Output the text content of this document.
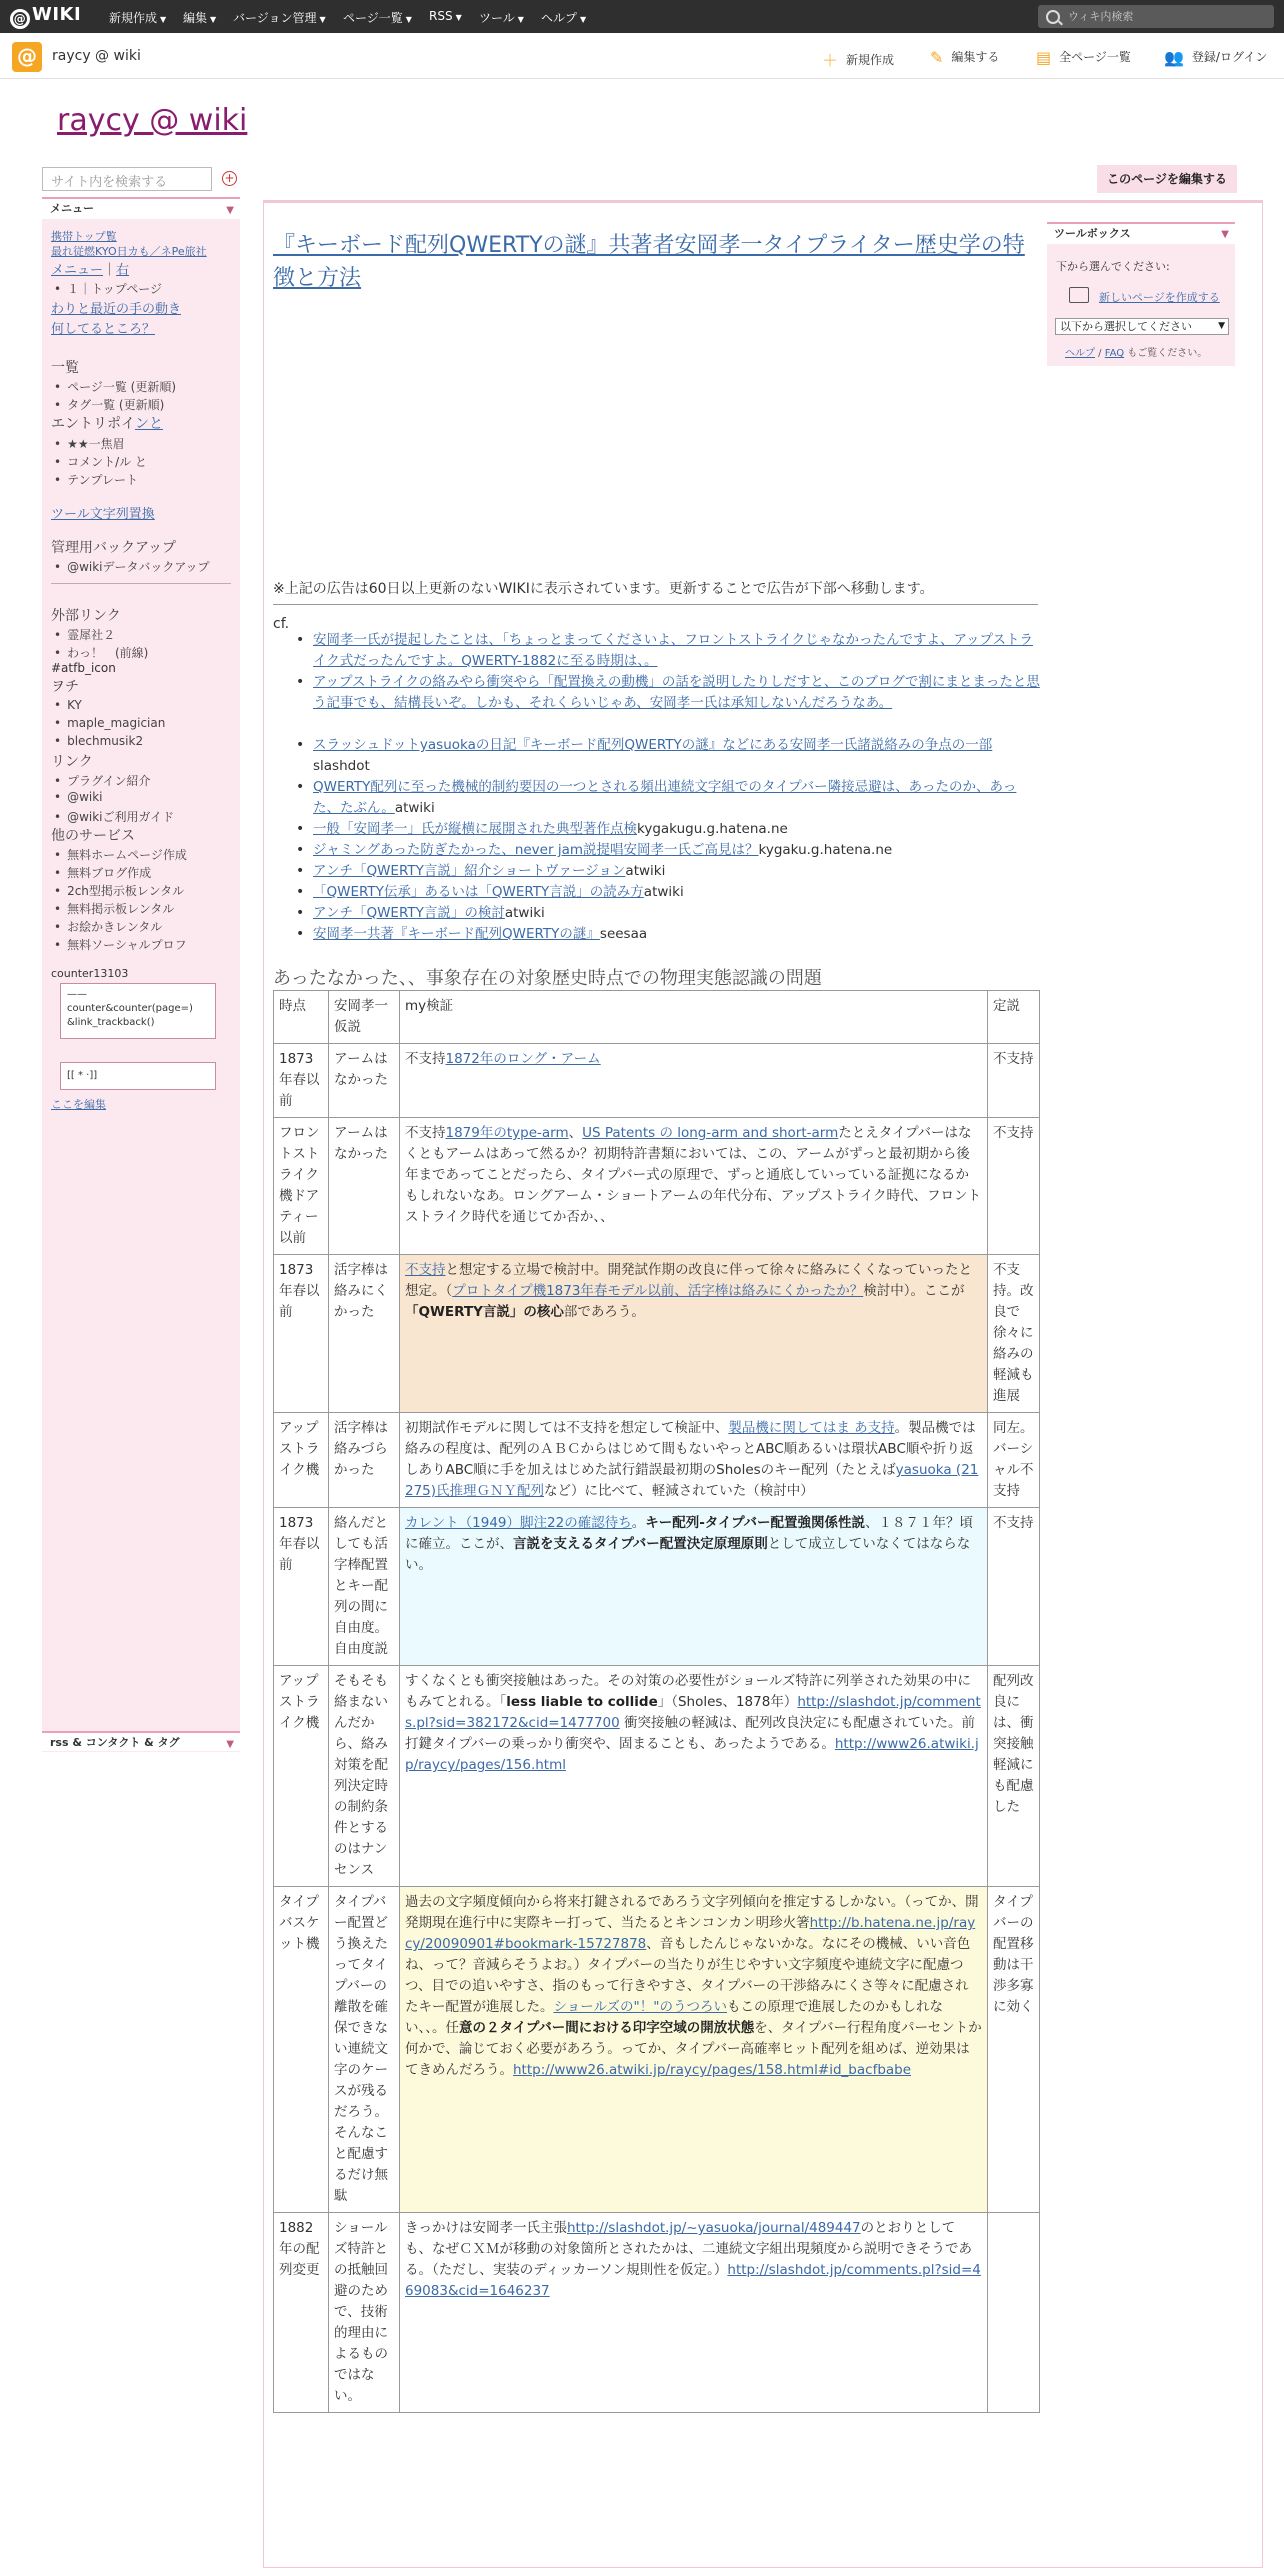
@ WIKI 新規作成 ▼ 編集 ▼ バージョン管理 ▼ ページ一覧 ▼ RSS ▼ ツール ▼ ヘルプ ▼	ウィキ内検索
@	raycy @ wiki	＋ 新規作成 ✎ 編集する ▤ 全ページ一覧 👥 登録/ログイン
raycy @ wiki
サイト内を検索する	+
メニュー	▼
携帯トップ覧
最れ従燃KYO日カも／ネPe旅社
メニュー｜右
• １｜トップページ
わりと最近の手の動き
何してるところ？
一覧
• ページ一覧 (更新順)
• タグ一覧 (更新順)
エントリポインと
• ★★一焦眉
• コメント/ル と
• テンプレート
ツール文字列置換
管理用バックアップ
• @wikiデータバックアップ
外部リンク
• 霊犀社２
• わっ！　(前線)
#atfb_icon
ヲチ
• KY
• maple_magician
• blechmusik2
リンク
• プラグイン紹介
• @wiki
• @wikiご利用ガイド
他のサービス
• 無料ホームページ作成
• 無料ブログ作成
• 2ch型掲示板レンタル
• 無料掲示板レンタル
• お絵かきレンタル
• 無料ソーシャルプロフ
counter13103
——
counter&counter(page=)
&link_trackback()
[[ * ·]]
ここを編集
rss & コンタクト & タグ	▼
このページを編集する
『キーボード配列QWERTYの謎』共著者安岡孝一タイプライター歴史学の特徴と方法
ツールボックス	▼
下から選んでください:
新しいページを作成する
以下から選択してください	▼
ヘルプ / FAQ もご覧ください。
※上記の広告は60日以上更新のないWIKIに表示されています。更新することで広告が下部へ移動します。
cf.
• 安岡孝一氏が提起したことは、「ちょっとまってくださいよ、フロントストライクじゃなかったんですよ、アップストライク式だったんですよ。QWERTY-1882に至る時期は、。
• アップストライクの絡みやら衝突やら「配置換えの動機」の話を説明したりしだすと、このブログで割にまとまったと思う記事でも、結構長いぞ。しかも、それくらいじゃあ、安岡孝一氏は承知しないんだろうなあ。
• スラッシュドットyasuokaの日記『キーボード配列QWERTYの謎』などにある安岡孝一氏諸説絡みの争点の一部slashdot
• QWERTY配列に至った機械的制約要因の一つとされる頻出連続文字組でのタイプバー隣接忌避は、あったのか、あった、たぶん。atwiki
• 一般「安岡孝一」氏が縦横に展開された典型著作点検kygakugu.g.hatena.ne
• ジャミングあった防ぎたかった、never jam説提唱安岡孝一氏ご高見は？kygaku.g.hatena.ne
• アンチ「QWERTY言説」紹介ショートヴァージョンatwiki
• 「QWERTY伝承」あるいは「QWERTY言説」の読み方atwiki
• アンチ「QWERTY言説」の検討atwiki
• 安岡孝一共著『キーボード配列QWERTYの謎』seesaa
あったなかった、、事象存在の対象歴史時点での物理実態認識の問題
時点	安岡孝一仮説	my検証	定説
1873年春以前	アームはなかった	不支持1872年のロング・アーム	不支持
フロントストライク機ドアティー以前	アームはなかった	不支持1879年のtype-arm、US Patents の long-arm and short-armたとえタイプバーはなくともアームはあって然るか？初期特許書類においては、この、アームがずっと最初期から後年まであってことだったら、タイプバー式の原理で、ずっと通底していっている証拠になるかもしれないなあ。ロングアーム・ショートアームの年代分布、アップストライク時代、フロントストライク時代を通じてか否か、、	不支持
1873年春以前	活字棒は絡みにくかった	不支持と想定する立場で検討中。開発試作期の改良に伴って徐々に絡みにくくなっていったと想定。（プロトタイプ機1873年春モデル以前、活字棒は絡みにくかったか？検討中）。ここが「QWERTY言説」の核心部であろう。	不支持。改良で徐々に絡みの軽減も進展
アップストライク機	活字棒は絡みづらかった	初期試作モデルに関しては不支持を想定して検証中、製品機に関してはま あ支持。製品機では絡みの程度は、配列のＡＢＣからはじめて間もないやっとABC順あるいは環状ABC順や折り返しありABC順に手を加えはじめた試行錯誤最初期のSholesのキー配列（たとえばyasuoka (21275)氏推理ＧＮＹ配列など）に比べて、軽減されていた（検討中）	同左。バーシャル不支持
1873年春以前	絡んだとしても活字棒配置とキー配列の間に自由度。自由度説	カレント（1949）脚注22の確認待ち。キー配列-タイプバー配置強関係性説、１８７１年？頃に確立。ここが、言説を支えるタイプバー配置決定原理原則として成立していなくてはならない。	不支持
アップストライク機	そもそも絡まないんだから、絡み対策を配列決定時の制約条件とするのはナンセンス	すくなくとも衝突接触はあった。その対策の必要性がショールズ特許に列挙された効果の中にもみてとれる。「less liable to collide」（Sholes、1878年）http://slashdot.jp/comments.pl?sid=382172&cid=1477700 衝突接触の軽減は、配列改良決定にも配慮されていた。前打鍵タイプバーの乗っかり衝突や、固まることも、あったようである。http://www26.atwiki.jp/raycy/pages/156.html	配列改良には、衝突接触軽減にも配慮した
タイプバスケット機	タイプバー配置ど う換えたってタイプバーの離散を確保できない連続文字のケースが残るだろう。そんなこと配慮するだけ無駄	過去の文字頻度傾向から将来打鍵されるであろう文字列傾向を推定するしかない。（ってか、開発期現在進行中に実際キー打って、当たるとキンコンカン明珍火箸http://b.hatena.ne.jp/raycy/20090901#bookmark-15727878、音もしたんじゃないかな。なにその機械、いい音色ね、って？音減らそうよお。）タイプバーの当たりが生じやすい文字頻度や連続文字に配慮つつ、目での追いやすさ、指のもって行きやすさ、タイプバーの干渉絡みにくさ等々に配慮されたキー配置が進展した。ショールズの"！"のうつろいもこの原理で進展したのかもしれない、、。任意の２タイプバー間における印字空域の開放状態を、タイプバー行程角度パーセントか何かで、論じておく必要があろう。ってか、タイプバー高確率ヒット配列を組めば、逆効果はてきめんだろう。http://www26.atwiki.jp/raycy/pages/158.html#id_bacfbabe	タイプバーの配置移動は干渉多寡に効く
1882年の配列変更	ショールズ特許との抵触回避のためで、技術的理由によるものではない。	きっかけは安岡孝一氏主張http://slashdot.jp/~yasuoka/journal/489447のとおりとしても、なぜＣＸＭが移動の対象箇所とされたかは、二連続文字組出現頻度から説明できそうである。（ただし、実装のディッカーソン規則性を仮定。）http://slashdot.jp/comments.pl?sid=469083&cid=1646237	
